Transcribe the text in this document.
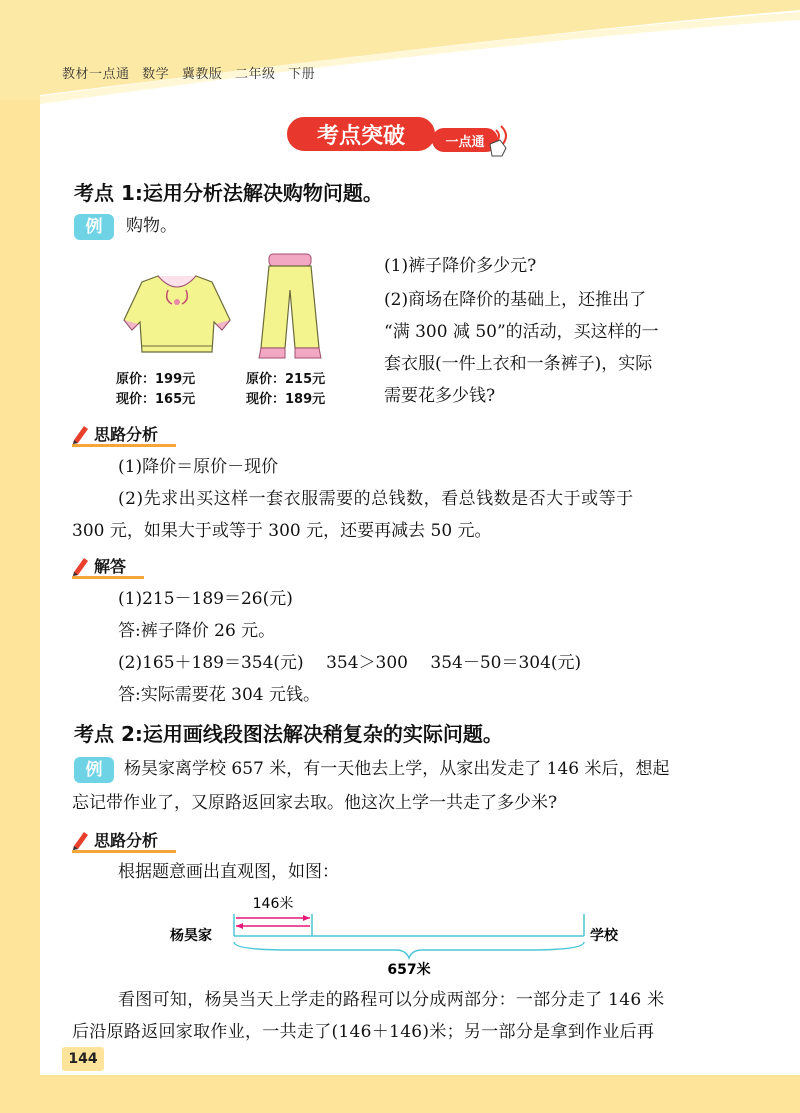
教材一点通 数学 冀教版 二年级 下册
考点突破	一点通
考点 1:运用分析法解决购物问题。
例	购物。
原价：199元
现价：165元
原价：215元
现价：189元
(1)裤子降价多少元?
(2)商场在降价的基础上，还推出了
“满 300 减 50”的活动，买这样的一
套衣服(一件上衣和一条裤子)，实际
需要花多少钱?
思路分析
(1)降价＝原价－现价
(2)先求出买这样一套衣服需要的总钱数，看总钱数是否大于或等于
300 元，如果大于或等于 300 元，还要再减去 50 元。
解答
(1)215－189＝26(元)
答:裤子降价 26 元。
(2)165＋189＝354(元)　 354＞300　 354－50＝304(元)
答:实际需要花 304 元钱。
考点 2:运用画线段图法解决稍复杂的实际问题。
例	杨昊家离学校 657 米，有一天他去上学，从家出发走了 146 米后，想起
忘记带作业了，又原路返回家去取。他这次上学一共走了多少米?
思路分析
根据题意画出直观图，如图：
146米
杨昊家	学校
657米
看图可知，杨昊当天上学走的路程可以分成两部分：一部分走了 146 米
后沿原路返回家取作业，一共走了(146＋146)米；另一部分是拿到作业后再
144
